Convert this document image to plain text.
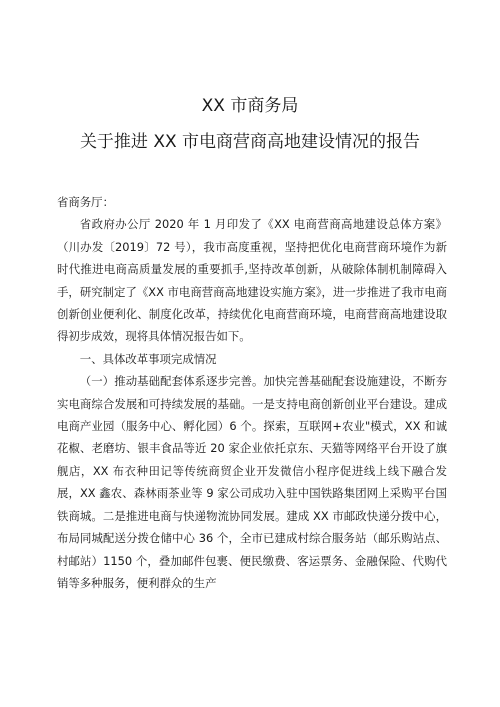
XX 市商务局
关于推进 XX 市电商营商高地建设情况的报告

省商务厅：

省政府办公厅 2020 年 1 月印发了《XX 电商营商高地建设总体方案》（川办发〔2019〕72 号），我市高度重视，坚持把优化电商营商环境作为新时代推进电商高质量发展的重要抓手,坚持改革创新，从破除体制机制障碍入手，研究制定了《XX 市电商营商高地建设实施方案》，进一步推进了我市电商创新创业便利化、制度化改革，持续优化电商营商环境，电商营商高地建设取得初步成效，现将具体情况报告如下。

一、具体改革事项完成情况

（一）推动基础配套体系逐步完善。加快完善基础配套设施建设，不断夯实电商综合发展和可持续发展的基础。一是支持电商创新创业平台建设。建成电商产业园（服务中心、孵化园）6 个。探索，互联网+农业"模式，XX 和诚花椒、老磨坊、银丰食品等近 20 家企业依托京东、天猫等网络平台开设了旗舰店，XX 布衣种田记等传统商贸企业开发微信小程序促进线上线下融合发展，XX 鑫农、森林雨茶业等 9 家公司成功入驻中国铁路集团网上采购平台国铁商城。二是推进电商与快递物流协同发展。建成 XX 市邮政快递分拨中心，布局同城配送分拨仓储中心 36 个，全市已建成村综合服务站（邮乐购站点、村邮站）1150 个，叠加邮件包裹、便民缴费、客运票务、金融保险、代购代销等多种服务，便利群众的生产
